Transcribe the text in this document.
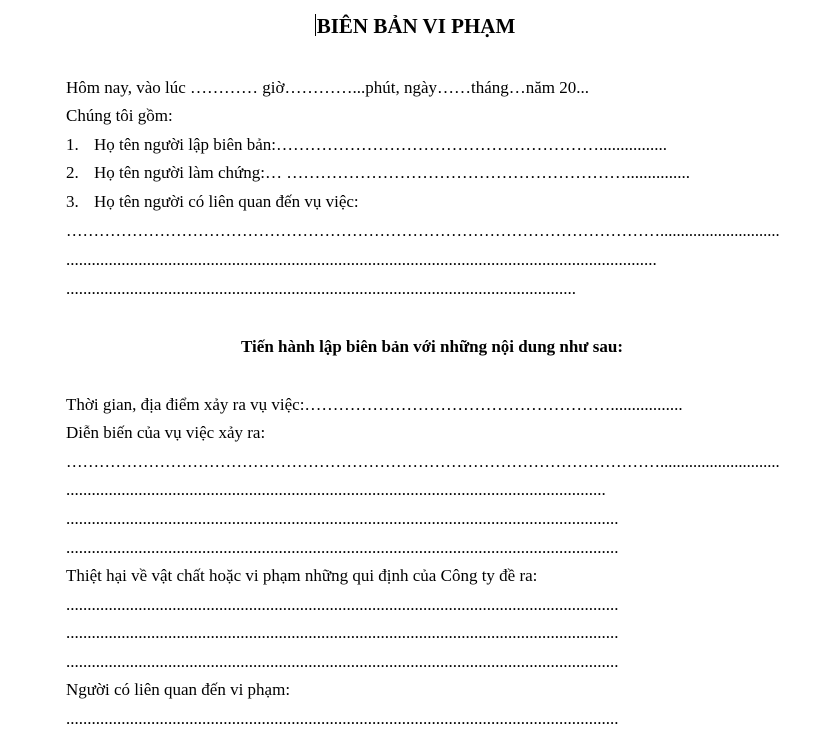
BIÊN BẢN VI PHẠM
Hôm nay, vào lúc ………… giờ…………...phút, ngày……tháng…năm 20...
Chúng tôi gồm:
1. Họ tên người lập biên bản:…………………………………………………................
2. Họ tên người làm chứng:… ……………………………………………………...............
3. Họ tên người có liên quan đến vụ việc:
……………………………………………………………………………………………….............................
...........................................................................................................................................
........................................................................................................................
Tiến hành lập biên bản với những nội dung như sau:
Thời gian, địa điểm xảy ra vụ việc:……………………………………………….................
Diễn biến của vụ việc xảy ra:
……………………………………………………………………………………………….............................
...............................................................................................................................
..................................................................................................................................
..................................................................................................................................
Thiệt hại về vật chất hoặc vi phạm những qui định của Công ty đề ra:
..................................................................................................................................
..................................................................................................................................
..................................................................................................................................
Người có liên quan đến vi phạm:
..................................................................................................................................
